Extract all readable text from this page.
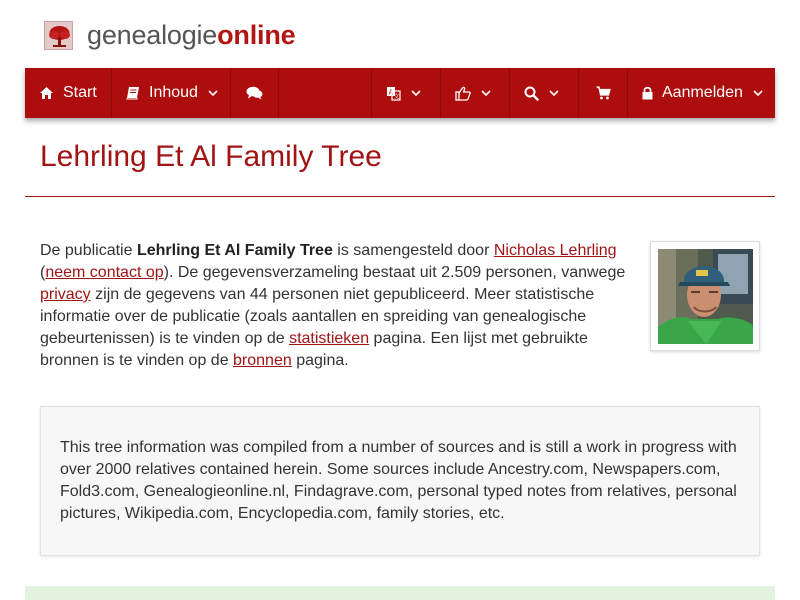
genealogieonline
Start	Inhoud	A
文	Aanmelden
Lehrling Et Al Family Tree

De publicatie Lehrling Et Al Family Tree is samengesteld door Nicholas Lehrling
(neem contact op). De gegevensverzameling bestaat uit 2.509 personen, vanwege privacy zijn de gegevens van 44 personen niet gepubliceerd. Meer statistische informatie over de publicatie (zoals aantallen en spreiding van genealogische gebeurtenissen) is te vinden op de statistieken pagina. Een lijst met gebruikte bronnen is te vinden op de bronnen pagina.

This tree information was compiled from a number of sources and is still a work in progress with over 2000 relatives contained herein. Some sources include Ancestry.com, Newspapers.com, Fold3.com, Genealogieonline.nl, Findagrave.com, personal typed notes from relatives, personal pictures, Wikipedia.com, Encyclopedia.com, family stories, etc.
